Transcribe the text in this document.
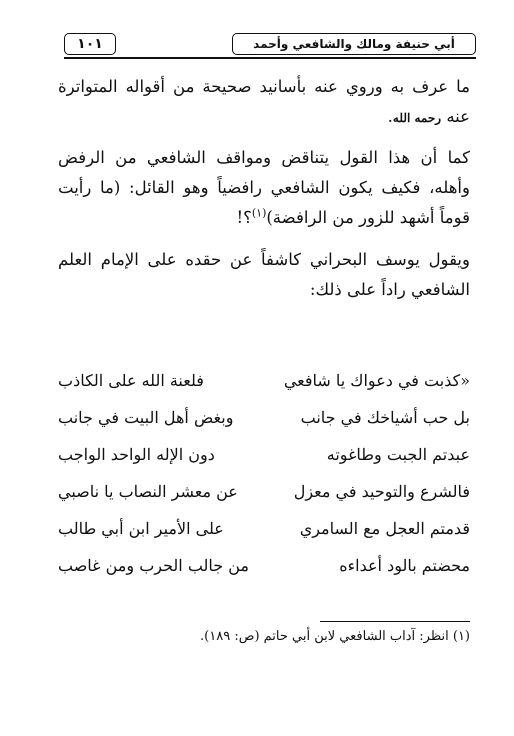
١٠١	أبي حنيفة ومالك والشافعي وأحمد

ما عرف به وروي عنه بأسانيد صحيحة من أقواله المتواترة عنه رحمه الله.

كما أن هذا القول يتناقض ومواقف الشافعي من الرفض وأهله، فكيف يكون الشافعي رافضياً وهو القائل: (ما رأيت قوماً أشهد للزور من الرافضة)$^{(١)}$؟!

ويقول يوسف البحراني كاشفاً عن حقده على الإمام العلم الشافعي راداً على ذلك:

«كذبت في دعواك يا شافعي
فلعنة الله على الكاذب
بل حب أشياخك في جانب
وبغض أهل البيت في جانب
عبدتم الجبت وطاغوته
دون الإله الواحد الواجب
فالشرع والتوحيد في معزل
عن معشر النصاب يا ناصبي
قدمتم العجل مع السامري
على الأمير ابن أبي طالب
محضتم بالود أعداءه
من جالب الحرب ومن غاصب
(١) انظر: آداب الشافعي لابن أبي حاتم (ص: ١٨٩).
